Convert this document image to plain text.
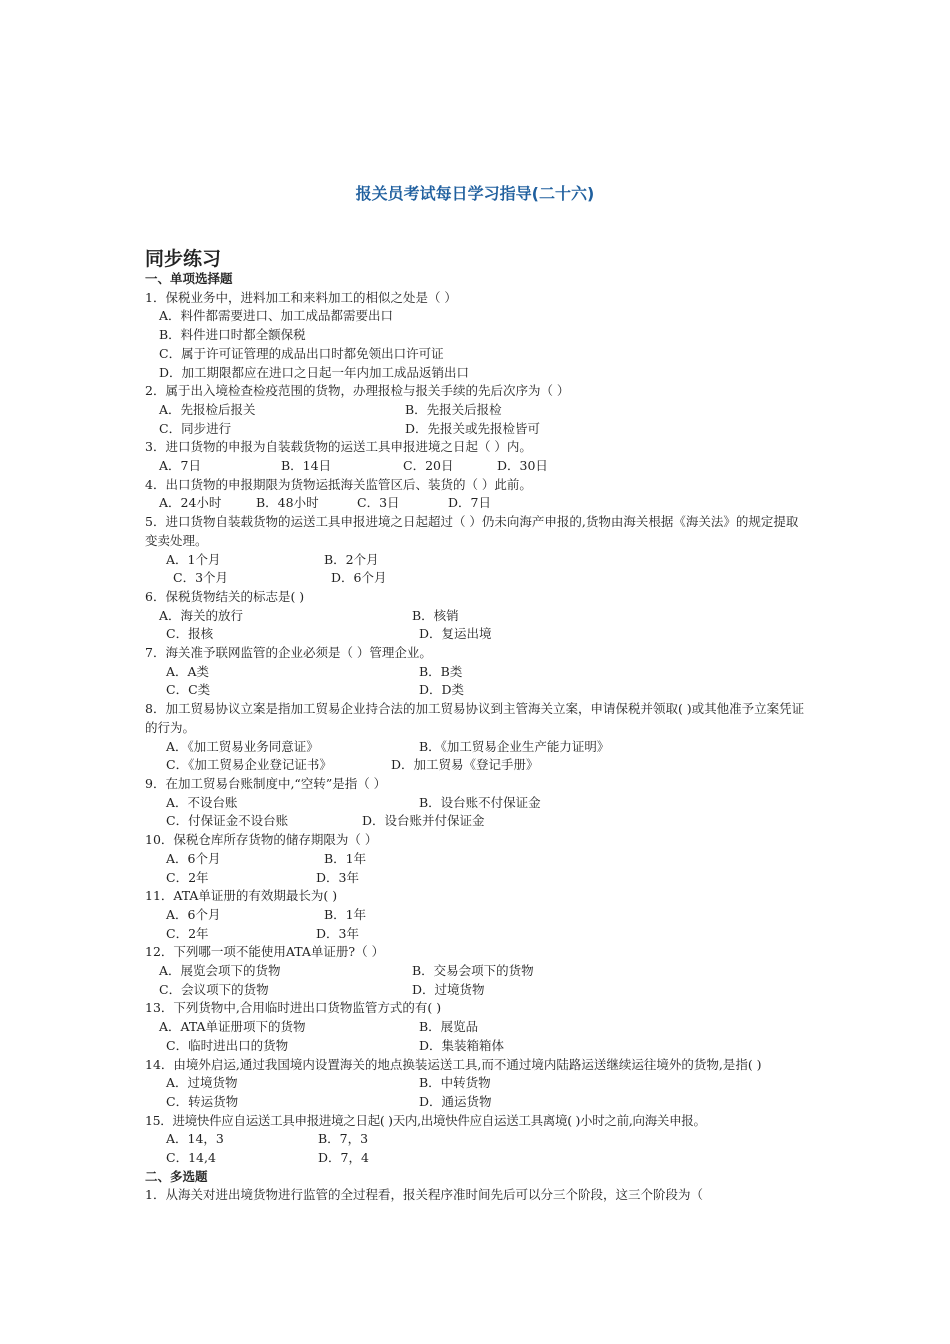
报关员考试每日学习指导(二十六)
同步练习
一、单项选择题
1．保税业务中，进料加工和来料加工的相似之处是（ ）
A．料件都需要进口、加工成品都需要出口
B．料件进口时都全额保税
C．属于许可证管理的成品出口时都免领出口许可证
D．加工期限都应在进口之日起一年内加工成品返销出口
2．属于出入境检查检疫范围的货物，办理报检与报关手续的先后次序为（ ）
A．先报检后报关	B．先报关后报检
C．同步进行	D．先报关或先报检皆可
3．进口货物的申报为自装载货物的运送工具申报进境之日起（ ）内。
A．7日	B．14日	C．20日	D．30日
4．出口货物的申报期限为货物运抵海关监管区后、装货的（ ）此前。
A．24小时	B．48小时	C．3日	D．7日
5．进口货物自装载货物的运送工具申报进境之日起超过（ ）仍未向海产申报的,货物由海关根据《海关法》的规定提取变卖处理。
A．1个月	B．2个月
C．3个月	D．6个月
6．保税货物结关的标志是( )
A．海关的放行	B．核销
C．报核	D．复运出境
7．海关准予联网监管的企业必须是（ ）管理企业。
A．A类	B．B类
C．C类	D．D类
8．加工贸易协议立案是指加工贸易企业持合法的加工贸易协议到主管海关立案，申请保税并领取( )或其他准予立案凭证的行为。
A．《加工贸易业务同意证》	B．《加工贸易企业生产能力证明》
C．《加工贸易企业登记证书》	D．加工贸易《登记手册》
9．在加工贸易台账制度中,“空转”是指（ ）
A．不设台账	B．设台账不付保证金
C．付保证金不设台账	D．设台账并付保证金
10．保税仓库所存货物的储存期限为（ ）
A．6个月	B．1年
C．2年	D．3年
11．ATA单证册的有效期最长为( )
A．6个月	B．1年
C．2年	D．3年
12．下列哪一项不能使用ATA单证册?（ ）
A．展览会项下的货物	B．交易会项下的货物
C．会议项下的货物	D．过境货物
13．下列货物中,合用临时进出口货物监管方式的有( )
A．ATA单证册项下的货物	B．展览品
C．临时进出口的货物	D．集装箱箱体
14．由境外启运,通过我国境内设置海关的地点换装运送工具,而不通过境内陆路运送继续运往境外的货物,是指( )
A．过境货物	B．中转货物
C．转运货物	D．通运货物
15．进境快件应自运送工具申报进境之日起( )天内,出境快件应自运送工具离境( )小时之前,向海关申报。
A．14，3	B．7，3
C．14,4	D．7，4
二、多选题
1．从海关对进出境货物进行监管的全过程看，报关程序准时间先后可以分三个阶段，这三个阶段为（
